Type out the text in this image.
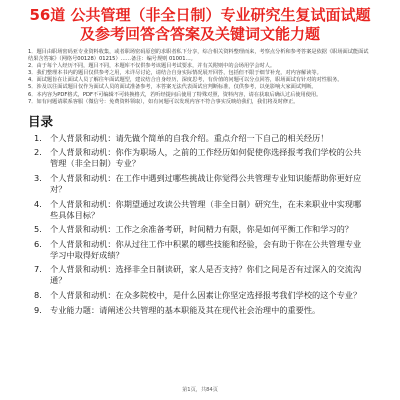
56道 公共管理（非全日制）专业研究生复试面试题及参考回答含答案及关键词文能力题

1．题目由职场密码亚专业资料收集，或者职场密码原创的求职者私下分享，综合相关资料整理而来，考察点分析和参考答案是依据《职场面试能面试结果含答案》（网络号00128）01215）……备注：编号规则 01001…。

2．由于每个人经历不同，题目不同，本题库不仅供参考该题目考试要求，并有关附则中的会场用学会时人。

3．我们整理本书内的题目仅供参考之用，未详尽讨论，请结合自身实际情况展开回答，包括但不限于细节补充，对内容解读等。

4．面试题旨在让面试人员了解往年面试题型，建议结合自身经历，深度思考，有价值的问题可以分点回答，职场面试有针对的对性服务。

5．涉及以往面试题目仅作为面试人员的面试准备参考，本答案无法代表面试官判断标准，仅供参考，以免影响大家面试判断。

6．本内容为PDF格式，PDF不可编辑不可转换格式，若听经提问后使用了特殊对照，资料内容，请在获取后确认过后使用使用。

7．如有问题请联系客服（微信号：免费资料领取），如有问题可以发现内容不符合事实反映给我们，我们将及时修正。

目录
1. 个人背景和动机：请先做个简单的自我介绍。重点介绍一下自己的相关经历！
2. 个人背景和动机：你作为职场人，之前的工作经历如何促使你选择报考我们学校的公共管理（非全日制）专业？
3. 个人背景和动机：在工作中遇到过哪些挑战让你觉得公共管理专业知识能帮助你更好应对？
4. 个人背景和动机：你期望通过攻读公共管理（非全日制）研究生，在未来职业中实现哪些具体目标？
5. 个人背景和动机：工作之余准备考研，时间精力有限，你是如何平衡工作和学习的？
6. 个人背景和动机：你从过往工作中积累的哪些技能和经验，会有助于你在公共管理专业学习中取得好成绩？
7. 个人背景和动机：选择非全日制读研，家人是否支持？你们之间是否有过深入的交流沟通？
8. 个人背景和动机：在众多院校中，是什么因素让你坚定选择报考我们学校的这个专业？
9. 专业能力题：请阐述公共管理的基本职能及其在现代社会治理中的重要性。
第1页，共84页
